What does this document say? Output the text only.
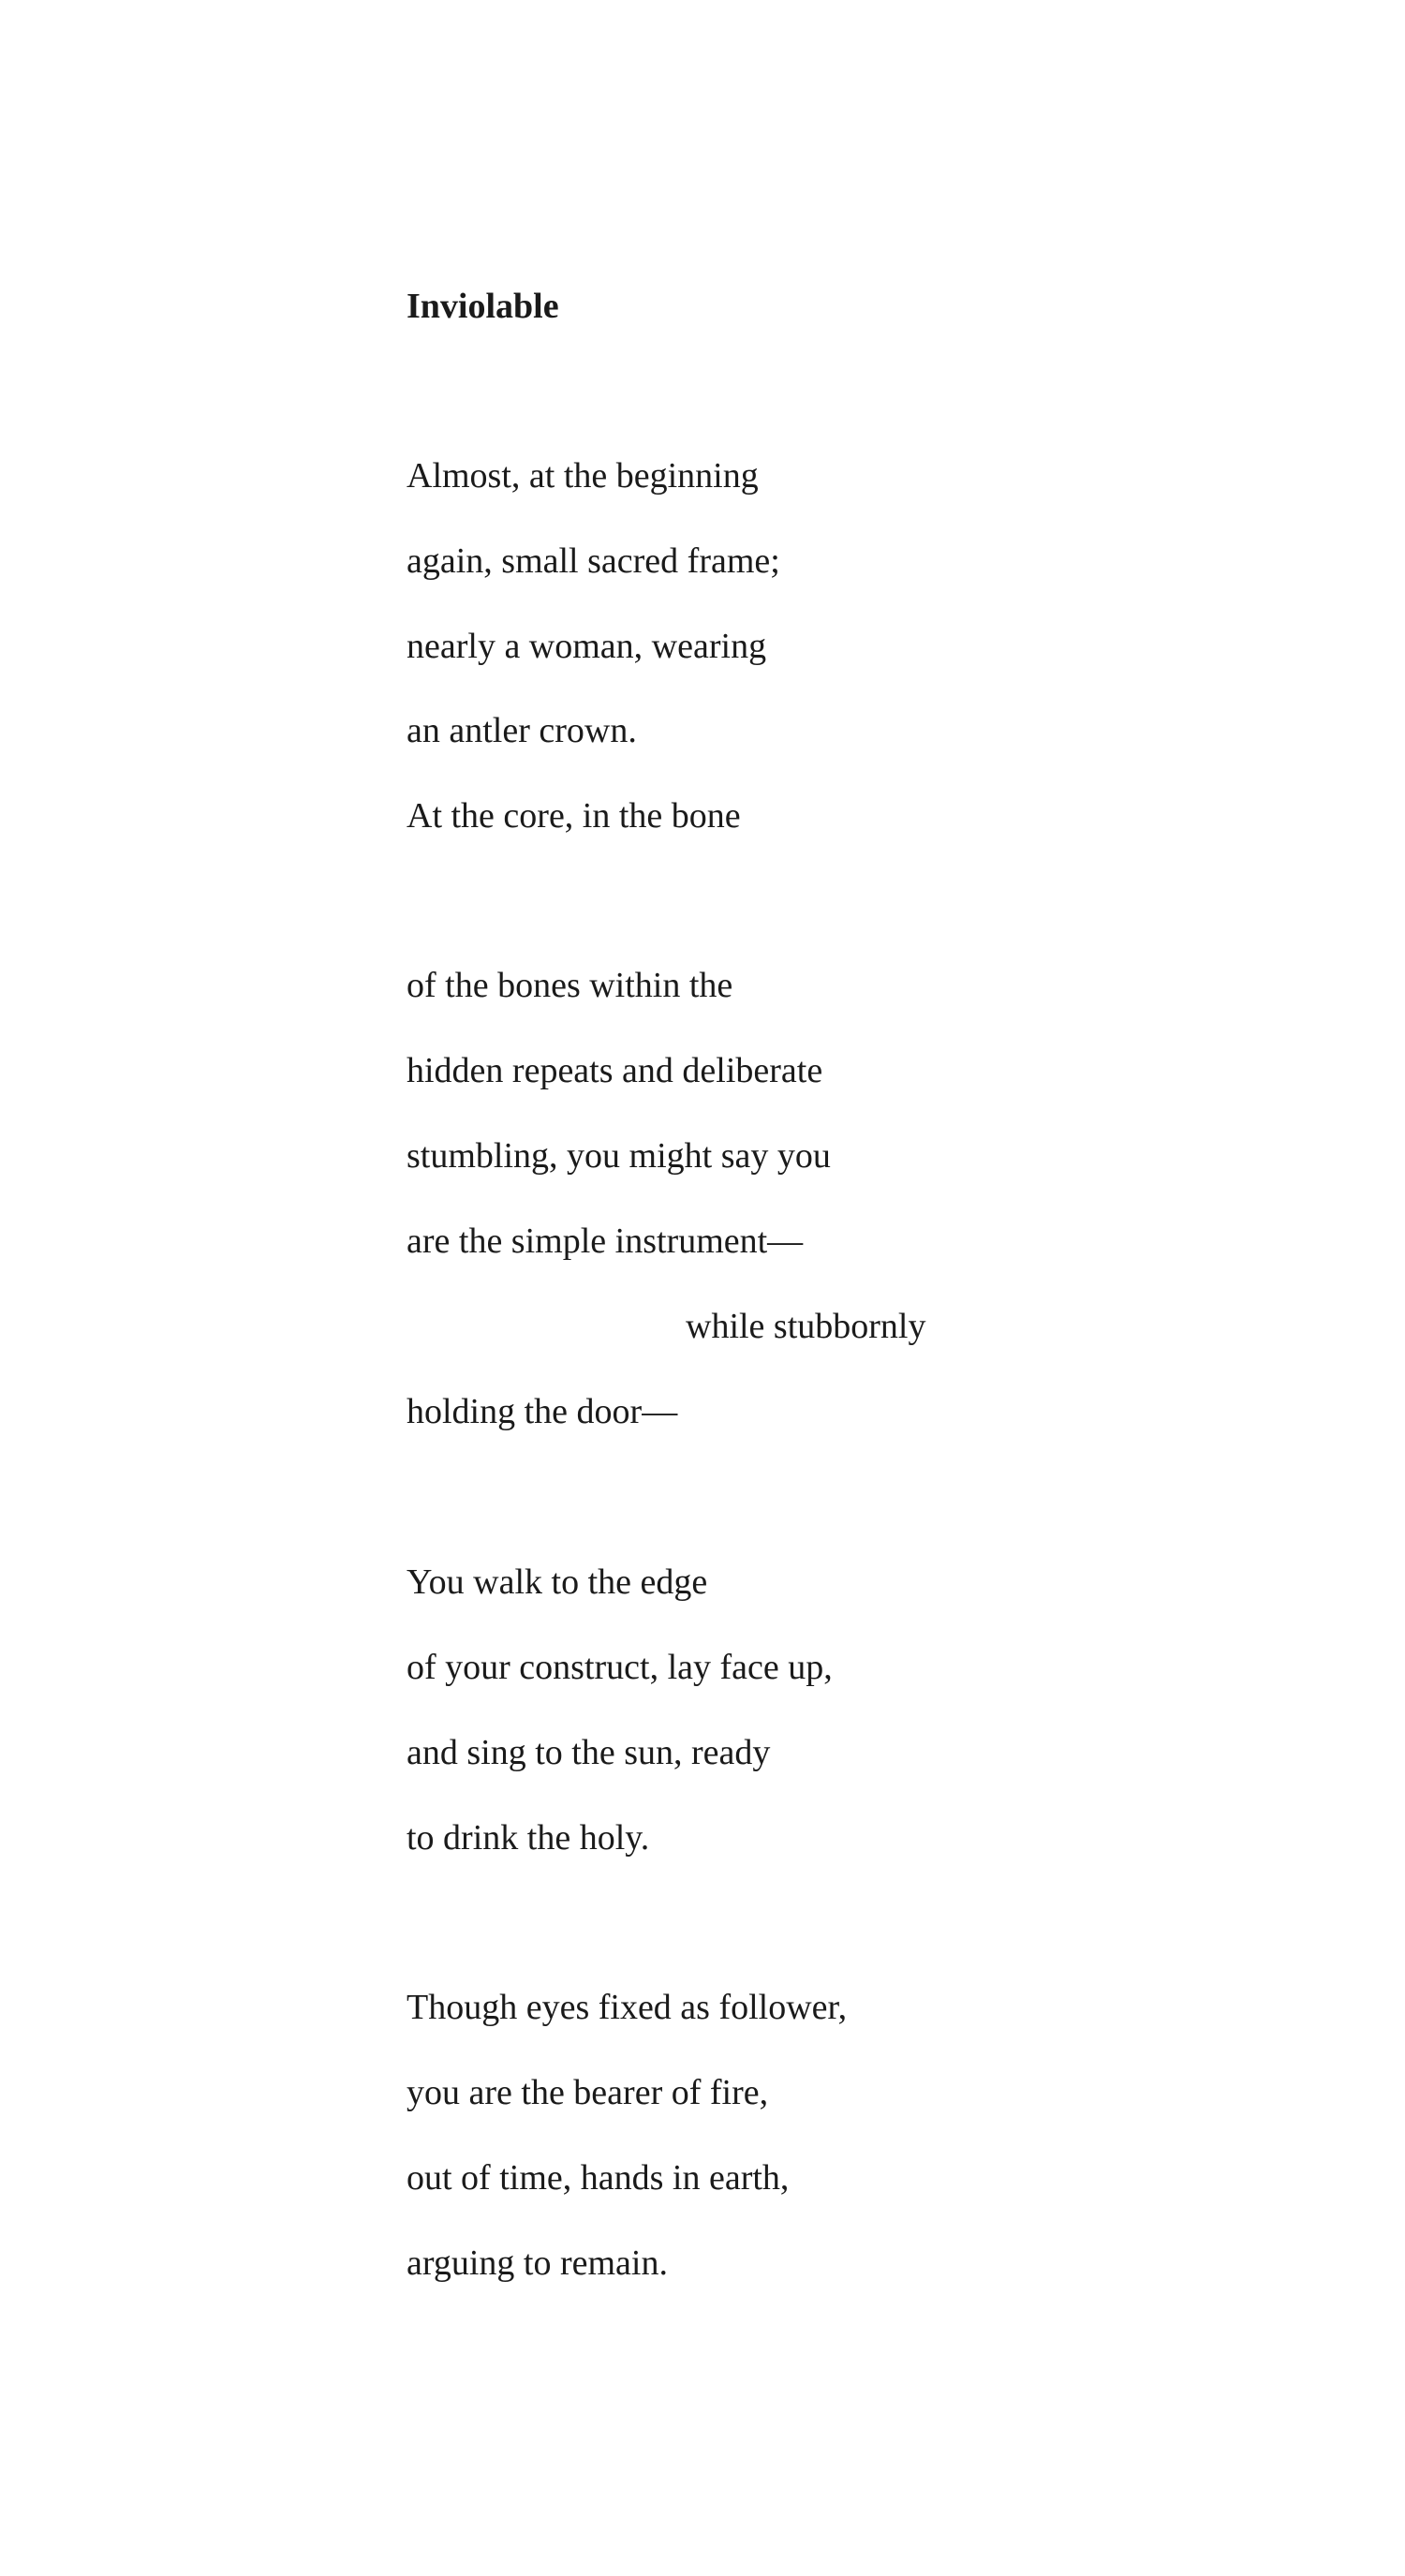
Inviolable
Almost, at the beginning
again, small sacred frame;
nearly a woman, wearing
an antler crown.
At the core, in the bone
of the bones within the
hidden repeats and deliberate
stumbling, you might say you
are the simple instrument—
while stubbornly
holding the door—
You walk to the edge
of your construct, lay face up,
and sing to the sun, ready
to drink the holy.
Though eyes fixed as follower,
you are the bearer of fire,
out of time, hands in earth,
arguing to remain.
